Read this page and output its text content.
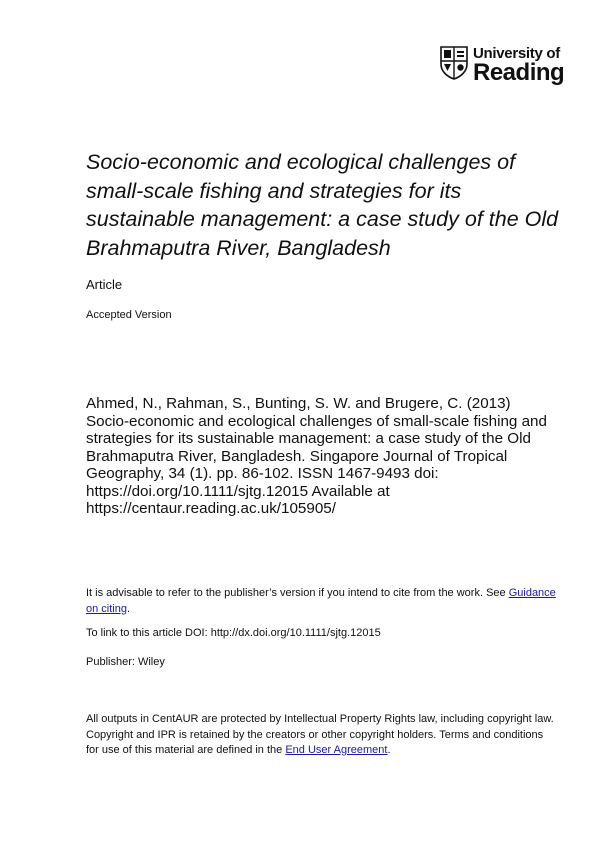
University of
Reading
Socio-economic and ecological challenges of small-scale fishing and strategies for its sustainable management: a case study of the Old Brahmaputra River, Bangladesh
Article
Accepted Version

Ahmed, N., Rahman, S., Bunting, S. W. and Brugere, C. (2013) Socio-economic and ecological challenges of small-scale fishing and strategies for its sustainable management: a case study of the Old Brahmaputra River, Bangladesh. Singapore Journal of Tropical Geography, 34 (1). pp. 86-102. ISSN 1467-9493 doi: https://doi.org/10.1111/sjtg.12015 Available at https://centaur.reading.ac.uk/105905/

It is advisable to refer to the publisher’s version if you intend to cite from the work. See Guidance on citing.

To link to this article DOI: http://dx.doi.org/10.1111/sjtg.12015
Publisher: Wiley

All outputs in CentAUR are protected by Intellectual Property Rights law, including copyright law. Copyright and IPR is retained by the creators or other copyright holders. Terms and conditions for use of this material are defined in the End User Agreement.
